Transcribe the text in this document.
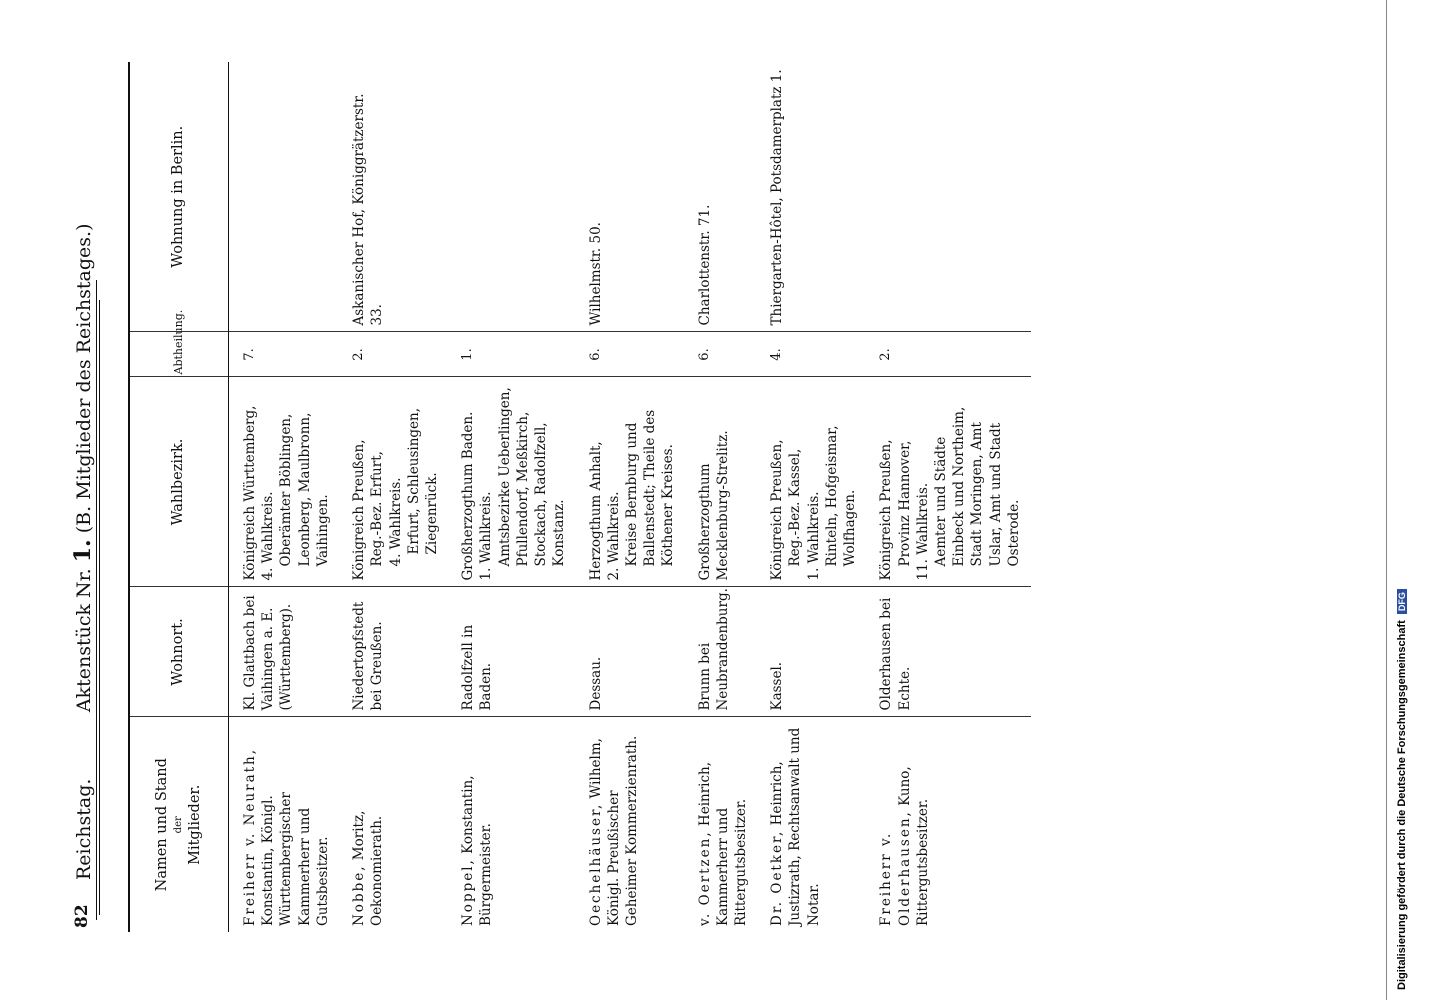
82
Reichstag.           Aktenstück Nr. 1. (B. Mitglieder des Reichstages.)
Namen und Stand der Mitglieder.	Wohnort.	Wahlbezirk.	Abtheilung.	Wohnung in Berlin.
Freiherr v. Neurath, Konstantin, Königl. Württembergischer Kammerherr und Gutsbesitzer.	Kl. Glattbach bei Vaihingen a. E. (Württemberg).	Königreich Württemberg, 4. Wahlkreis. Oberämter Böblingen, Leonberg, Maulbronn, Vaihingen.	7.	
Nobbe, Moritz, Oekonomierath.	Niedertopfstedt bei Greußen.	Königreich Preußen, Reg.-Bez. Erfurt, 4. Wahlkreis. Erfurt, Schleusingen, Ziegenrück.	2.	Askanischer Hof, Königgrätzerstr. 33.
Noppel, Konstantin, Bürgermeister.	Radolfzell in Baden.	Großherzogthum Baden. 1. Wahlkreis. Amtsbezirke Ueberlingen, Pfullendorf, Meßkirch, Stockach, Radolfzell, Konstanz.	1.	
Oechelhäuser, Wilhelm, Königl. Preußischer Geheimer Kommerzienrath.	Dessau.	Herzogthum Anhalt, 2. Wahlkreis. Kreise Bernburg und Ballenstedt; Theile des Köthener Kreises.	6.	Wilhelmstr. 50.
v. Oertzen, Heinrich, Kammerherr und Rittergutsbesitzer.	Brunn bei Neubrandenburg.	Großherzogthum Mecklenburg-Strelitz.	6.	Charlottenstr. 71.
Dr. Oetker, Heinrich, Justizrath, Rechtsanwalt und Notar.	Kassel.	Königreich Preußen, Reg.-Bez. Kassel, 1. Wahlkreis. Rinteln, Hofgeismar, Wolfhagen.	4.	Thiergarten-Hôtel, Potsdamerplatz 1.
Freiherr v. Olderhausen, Kuno, Rittergutsbesitzer.	Olderhausen bei Echte.	Königreich Preußen, Provinz Hannover, 11. Wahlkreis. Aemter und Städte Einbeck und Northeim, Stadt Moringen, Amt Uslar, Amt und Stadt Osterode.	2.	
Digitalisierung gefördert durch die Deutsche Forschungsgemeinschaft DFG
